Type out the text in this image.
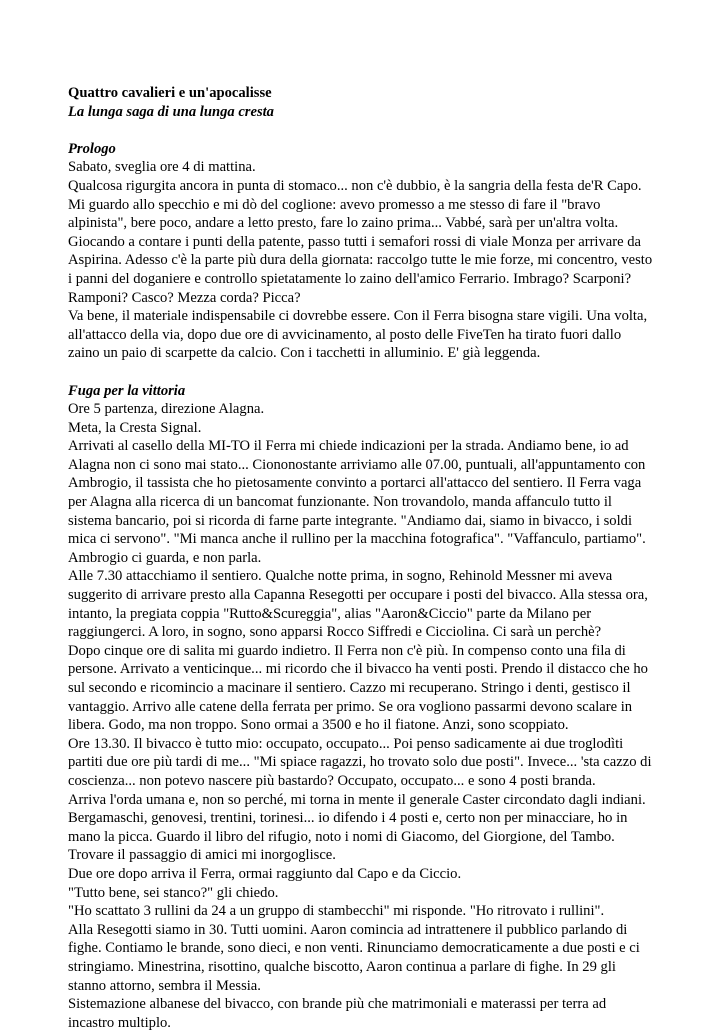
Quattro cavalieri e un'apocalisse
La lunga saga di una lunga cresta
Prologo
Sabato, sveglia ore 4 di mattina.
Qualcosa rigurgita ancora in punta di stomaco... non c'è dubbio, è la sangria della festa de'R Capo.
Mi guardo allo specchio e mi dò del coglione: avevo promesso a me stesso di fare il "bravo
alpinista", bere poco, andare a letto presto, fare lo zaino prima... Vabbé, sarà per un'altra volta.
Giocando a contare i punti della patente, passo tutti i semafori rossi di viale Monza per arrivare da
Aspirina. Adesso c'è la parte più dura della giornata: raccolgo tutte le mie forze, mi concentro, vesto
i panni del doganiere e controllo spietatamente lo zaino dell'amico Ferrario. Imbrago? Scarponi?
Ramponi? Casco? Mezza corda? Picca?
Va bene, il materiale indispensabile ci dovrebbe essere. Con il Ferra bisogna stare vigili. Una volta,
all'attacco della via, dopo due ore di avvicinamento, al posto delle FiveTen ha tirato fuori dallo
zaino un paio di scarpette da calcio. Con i tacchetti in alluminio. E' già leggenda.
Fuga per la vittoria
Ore 5 partenza, direzione Alagna.
Meta, la Cresta Signal.
Arrivati al casello della MI-TO il Ferra mi chiede indicazioni per la strada. Andiamo bene, io ad
Alagna non ci sono mai stato... Ciononostante arriviamo alle 07.00, puntuali, all'appuntamento con
Ambrogio, il tassista che ho pietosamente convinto a portarci all'attacco del sentiero. Il Ferra vaga
per Alagna alla ricerca di un bancomat funzionante. Non trovandolo, manda affanculo tutto il
sistema bancario, poi si ricorda di farne parte integrante. "Andiamo dai, siamo in bivacco, i soldi
mica ci servono". "Mi manca anche il rullino per la macchina fotografica". "Vaffanculo, partiamo".
Ambrogio ci guarda, e non parla.
Alle 7.30 attacchiamo il sentiero. Qualche notte prima, in sogno, Rehinold Messner mi aveva
suggerito di arrivare presto alla Capanna Resegotti per occupare i posti del bivacco. Alla stessa ora,
intanto, la pregiata coppia "Rutto&Scureggia", alias "Aaron&Ciccio" parte da Milano per
raggiungerci. A loro, in sogno, sono apparsi Rocco Siffredi e Cicciolina. Ci sarà un perchè?
Dopo cinque ore di salita mi guardo indietro. Il Ferra non c'è più. In compenso conto una fila di
persone. Arrivato a venticinque... mi ricordo che il bivacco ha venti posti. Prendo il distacco che ho
sul secondo e ricomincio a macinare il sentiero. Cazzo mi recuperano. Stringo i denti, gestisco il
vantaggio. Arrivo alle catene della ferrata per primo. Se ora vogliono passarmi devono scalare in
libera. Godo, ma non troppo. Sono ormai a 3500 e ho il fiatone. Anzi, sono scoppiato.
Ore 13.30. Il bivacco è tutto mio: occupato, occupato... Poi penso sadicamente ai due troglodìti
partiti due ore più tardi di me... "Mi spiace ragazzi, ho trovato solo due posti". Invece... 'sta cazzo di
coscienza... non potevo nascere più bastardo? Occupato, occupato... e sono 4 posti branda.
Arriva l'orda umana e, non so perché, mi torna in mente il generale Caster circondato dagli indiani.
Bergamaschi, genovesi, trentini, torinesi... io difendo i 4 posti e, certo non per minacciare, ho in
mano la picca. Guardo il libro del rifugio, noto i nomi di Giacomo, del Giorgione, del Tambo.
Trovare il passaggio di amici mi inorgoglisce.
Due ore dopo arriva il Ferra, ormai raggiunto dal Capo e da Ciccio.
"Tutto bene, sei stanco?" gli chiedo.
"Ho scattato 3 rullini da 24 a un gruppo di stambecchi" mi risponde. "Ho ritrovato i rullini".
Alla Resegotti siamo in 30. Tutti uomini. Aaron comincia ad intrattenere il pubblico parlando di
fighe. Contiamo le brande, sono dieci, e non venti. Rinunciamo democraticamente a due posti e ci
stringiamo. Minestrina, risottino, qualche biscotto, Aaron continua a parlare di fighe. In 29 gli
stanno attorno, sembra il Messia.
Sistemazione albanese del bivacco, con brande più che matrimoniali e materassi per terra ad
incastro multiplo.
